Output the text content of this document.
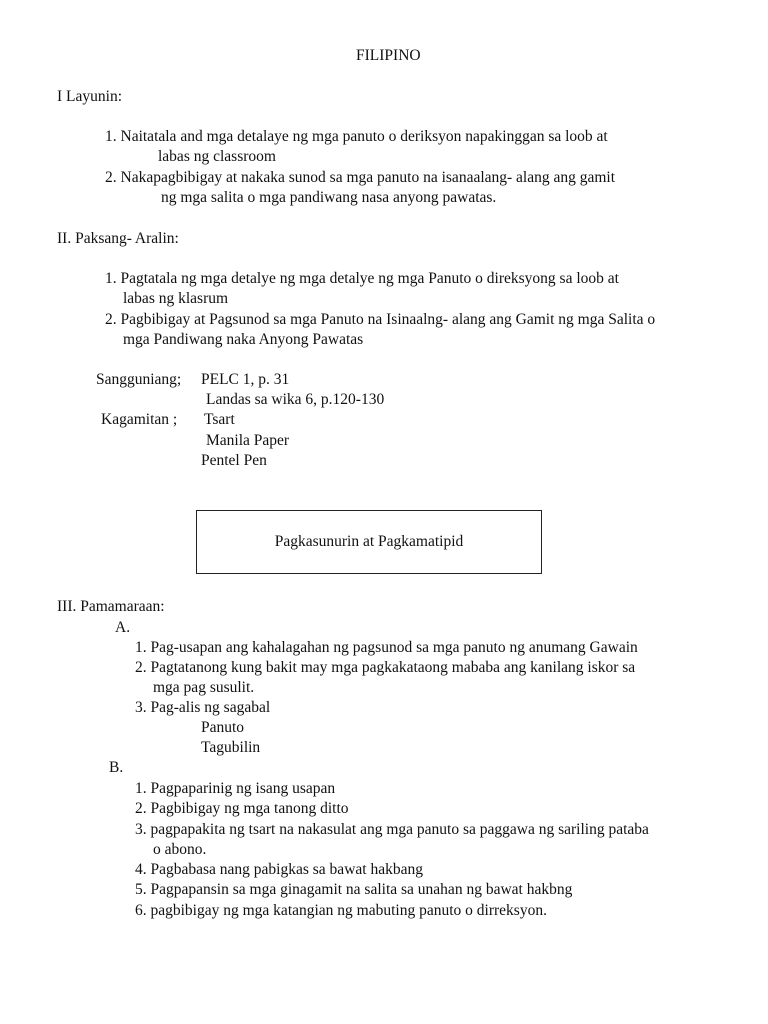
FILIPINO
I Layunin:
1. Naitatala and mga detalaye ng mga panuto o deriksyon napakinggan sa loob at
labas ng classroom
2. Nakapagbibigay at nakaka sunod sa mga panuto na isanaalang- alang ang gamit
ng mga salita o mga pandiwang nasa anyong pawatas.
II. Paksang- Aralin:
1. Pagtatala ng mga detalye ng mga detalye ng mga Panuto o direksyong sa loob at
labas ng klasrum
2. Pagbibigay at Pagsunod sa mga Panuto na Isinaalng- alang ang Gamit ng mga Salita o
mga Pandiwang naka Anyong Pawatas
Sangguniang; PELC 1, p. 31
Landas sa wika 6, p.120-130
Kagamitan ; Tsart
Manila Paper
Pentel Pen
Pagkasunurin at Pagkamatipid
III. Pamamaraan:
A.
1. Pag-usapan ang kahalagahan ng pagsunod sa mga panuto ng anumang Gawain
2. Pagtatanong kung bakit may mga pagkakataong mababa ang kanilang iskor sa
mga pag susulit.
3. Pag-alis ng sagabal
Panuto
Tagubilin
B.
1. Pagpaparinig ng isang usapan
2. Pagbibigay ng mga tanong ditto
3. pagpapakita ng tsart na nakasulat ang mga panuto sa paggawa ng sariling pataba
o abono.
4. Pagbabasa nang pabigkas sa bawat hakbang
5. Pagpapansin sa mga ginagamit na salita sa unahan ng bawat hakbng
6. pagbibigay ng mga katangian ng mabuting panuto o dirreksyon.
